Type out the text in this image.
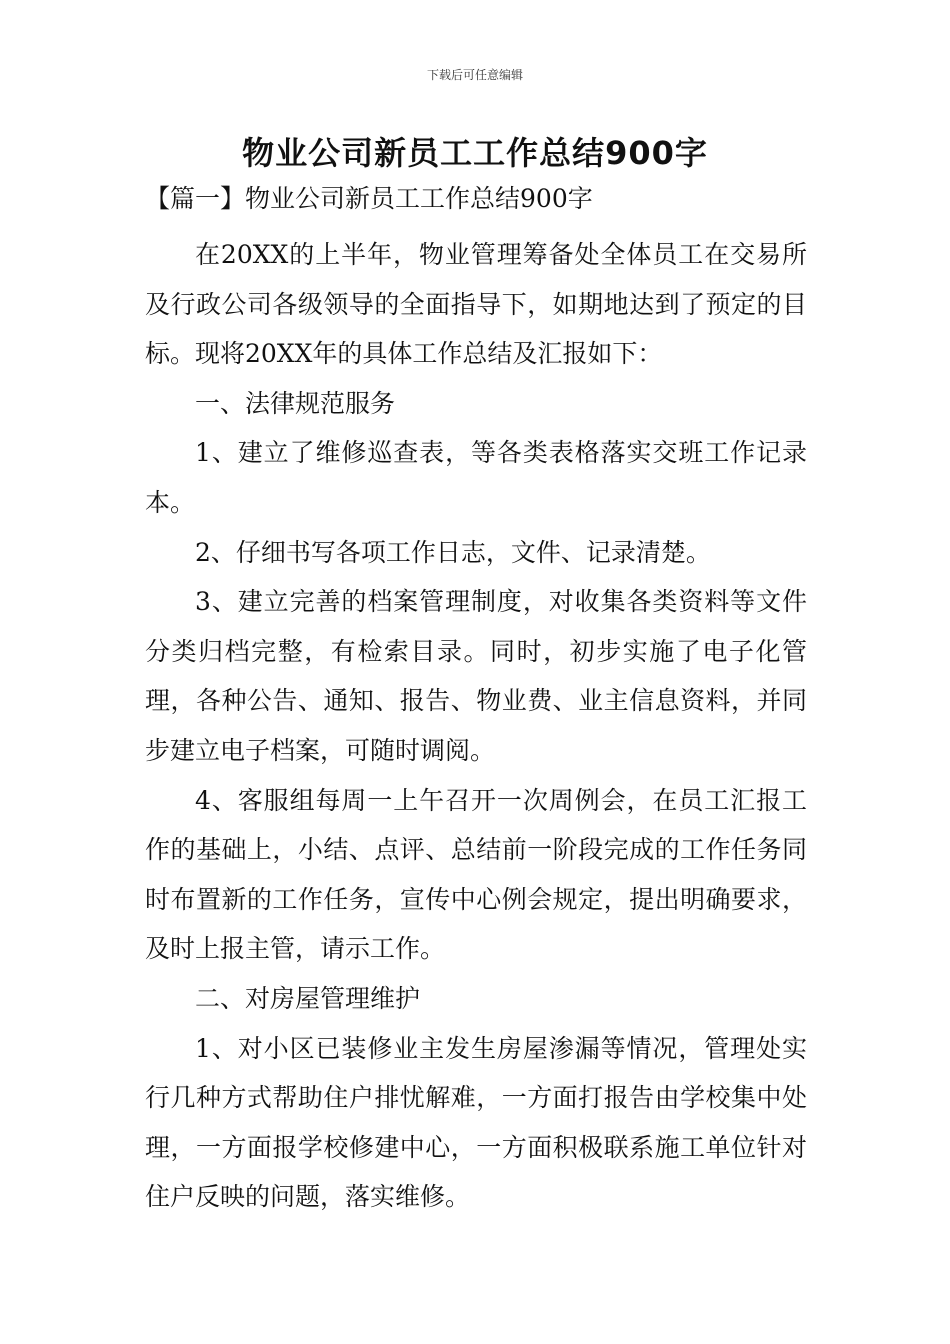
下载后可任意编辑
物业公司新员工工作总结900字
【篇一】物业公司新员工工作总结900字

在20XX的上半年，物业管理筹备处全体员工在交易所及行政公司各级领导的全面指导下，如期地达到了预定的目标。现将20XX年的具体工作总结及汇报如下：

一、法律规范服务

1、建立了维修巡查表，等各类表格落实交班工作记录本。

2、仔细书写各项工作日志，文件、记录清楚。

3、建立完善的档案管理制度，对收集各类资料等文件分类归档完整，有检索目录。同时，初步实施了电子化管理，各种公告、通知、报告、物业费、业主信息资料，并同步建立电子档案，可随时调阅。

4、客服组每周一上午召开一次周例会，在员工汇报工作的基础上，小结、点评、总结前一阶段完成的工作任务同时布置新的工作任务，宣传中心例会规定，提出明确要求，及时上报主管，请示工作。

二、对房屋管理维护

1、对小区已装修业主发生房屋渗漏等情况，管理处实行几种方式帮助住户排忧解难，一方面打报告由学校集中处理，一方面报学校修建中心，一方面积极联系施工单位针对住户反映的问题，落实维修。
